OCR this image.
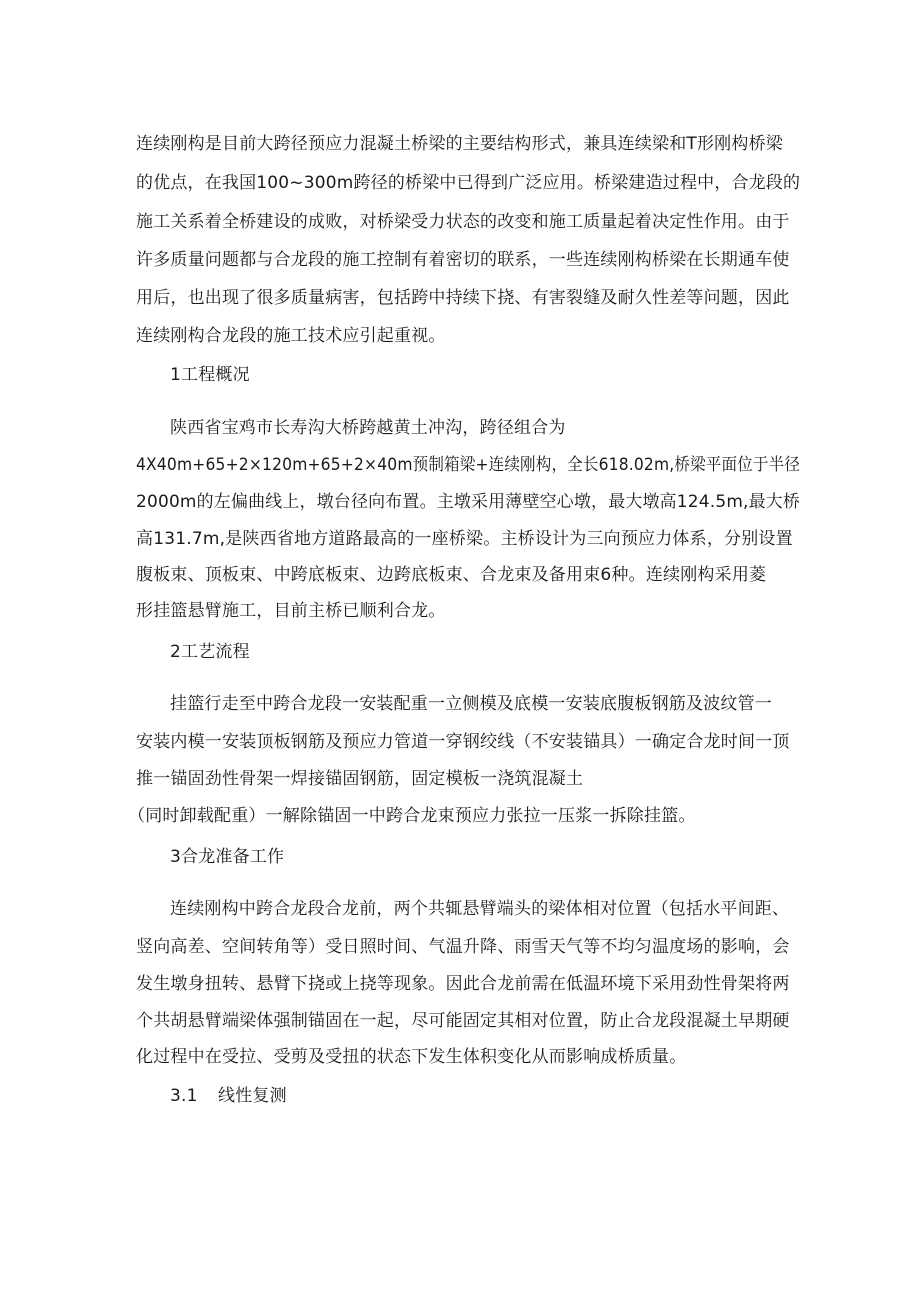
连续刚构是目前大跨径预应力混凝土桥梁的主要结构形式，兼具连续梁和T形刚构桥梁
的优点，在我国100~300m跨径的桥梁中已得到广泛应用。桥梁建造过程中，合龙段的
施工关系着全桥建设的成败，对桥梁受力状态的改变和施工质量起着决定性作用。由于
许多质量问题都与合龙段的施工控制有着密切的联系，一些连续刚构桥梁在长期通车使
用后，也出现了很多质量病害，包括跨中持续下挠、有害裂缝及耐久性差等问题，因此
连续刚构合龙段的施工技术应引起重视。
1工程概况
陕西省宝鸡市长寿沟大桥跨越黄土冲沟，跨径组合为
4X40m+65+2×120m+65+2×40m预制箱梁+连续刚构，全长618.02m,桥梁平面位于半径
2000m的左偏曲线上，墩台径向布置。主墩采用薄壁空心墩，最大墩高124.5m,最大桥
高131.7m,是陕西省地方道路最高的一座桥梁。主桥设计为三向预应力体系，分别设置
腹板束、顶板束、中跨底板束、边跨底板束、合龙束及备用束6种。连续刚构采用菱
形挂篮悬臂施工，目前主桥已顺利合龙。
2工艺流程
挂篮行走至中跨合龙段一安装配重一立侧模及底模一安装底腹板钢筋及波纹管一
安装内模一安装顶板钢筋及预应力管道一穿钢绞线（不安装锚具）一确定合龙时间一顶
推一锚固劲性骨架一焊接锚固钢筋，固定模板一浇筑混凝土
（同时卸载配重）一解除锚固一中跨合龙束预应力张拉一压浆一拆除挂篮。
3合龙准备工作
连续刚构中跨合龙段合龙前，两个共辄悬臂端头的梁体相对位置（包括水平间距、
竖向高差、空间转角等）受日照时间、气温升降、雨雪天气等不均匀温度场的影响，会
发生墩身扭转、悬臂下挠或上挠等现象。因此合龙前需在低温环境下采用劲性骨架将两
个共胡悬臂端梁体强制锚固在一起，尽可能固定其相对位置，防止合龙段混凝土早期硬
化过程中在受拉、受剪及受扭的状态下发生体积变化从而影响成桥质量。
3.1 线性复测
